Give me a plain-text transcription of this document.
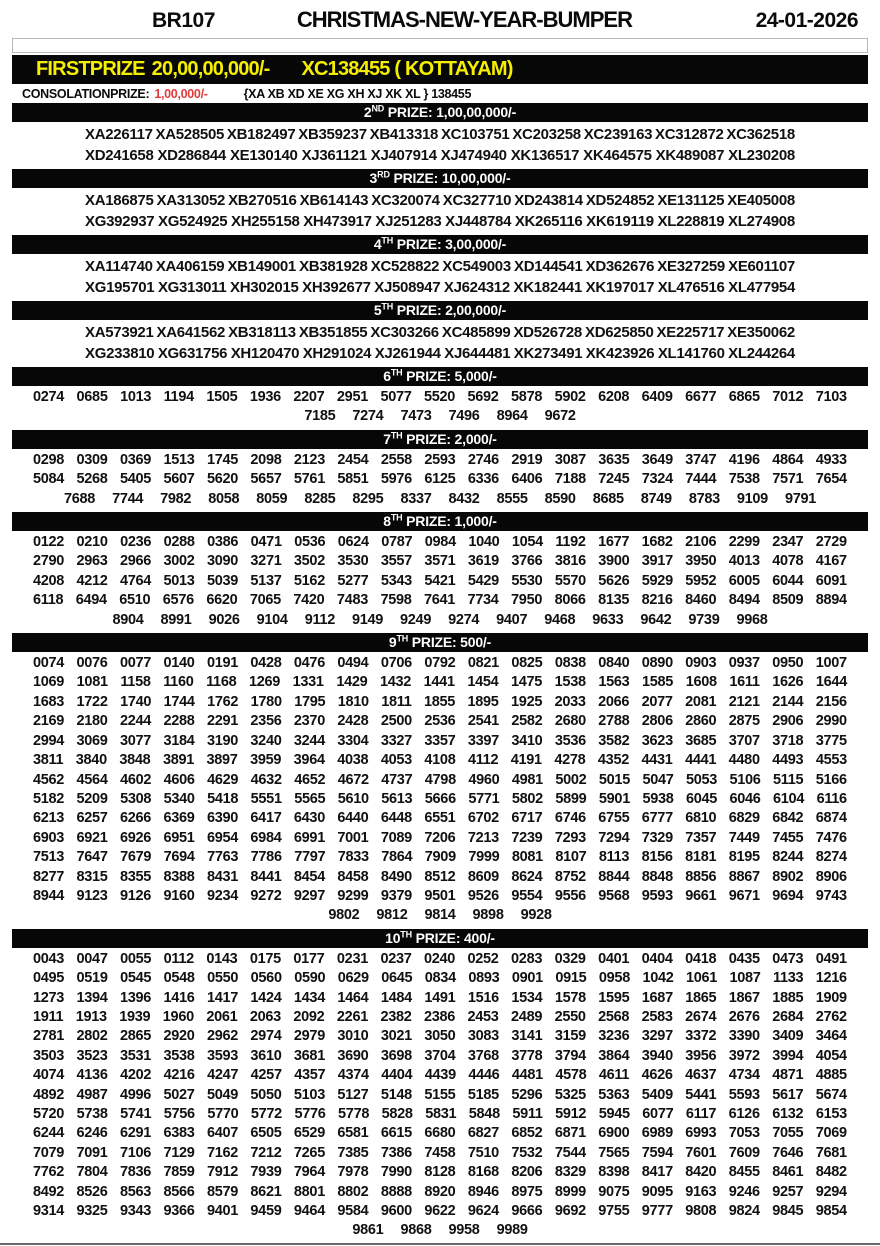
BR107	CHRISTMAS-NEW-YEAR-BUMPER	24-01-2026
FIRSTPRIZE 20,00,00,000/- XC138455 ( KOTTAYAM)
CONSOLATIONPRIZE: 1,00,000/-	{XA XB XD XE XG XH XJ XK XL } 138455
2ND PRIZE: 1,00,00,000/-
XA226117 XA528505 XB182497 XB359237 XB413318 XC103751 XC203258 XC239163 XC312872 XC362518
XD241658 XD286844 XE130140 XJ361121 XJ407914 XJ474940 XK136517 XK464575 XK489087 XL230208
3RD PRIZE: 10,00,000/-
XA186875 XA313052 XB270516 XB614143 XC320074 XC327710 XD243814 XD524852 XE131125 XE405008
XG392937 XG524925 XH255158 XH473917 XJ251283 XJ448784 XK265116 XK619119 XL228819 XL274908
4TH PRIZE: 3,00,000/-
XA114740 XA406159 XB149001 XB381928 XC528822 XC549003 XD144541 XD362676 XE327259 XE601107
XG195701 XG313011 XH302015 XH392677 XJ508947 XJ624312 XK182441 XK197017 XL476516 XL477954
5TH PRIZE: 2,00,000/-
XA573921 XA641562 XB318113 XB351855 XC303266 XC485899 XD526728 XD625850 XE225717 XE350062
XG233810 XG631756 XH120470 XH291024 XJ261944 XJ644481 XK273491 XK423926 XL141760 XL244264
6TH PRIZE: 5,000/-
0274 0685 1013 1194 1505 1936 2207 2951 5077 5520 5692 5878 5902 6208 6409 6677 6865 7012 7103
7185 7274 7473 7496 8964 9672
7TH PRIZE: 2,000/-
0298 0309 0369 1513 1745 2098 2123 2454 2558 2593 2746 2919 3087 3635 3649 3747 4196 4864 4933
5084 5268 5405 5607 5620 5657 5761 5851 5976 6125 6336 6406 7188 7245 7324 7444 7538 7571 7654
7688 7744 7982 8058 8059 8285 8295 8337 8432 8555 8590 8685 8749 8783 9109 9791
8TH PRIZE: 1,000/-
0122 0210 0236 0288 0386 0471 0536 0624 0787 0984 1040 1054 1192 1677 1682 2106 2299 2347 2729
2790 2963 2966 3002 3090 3271 3502 3530 3557 3571 3619 3766 3816 3900 3917 3950 4013 4078 4167
4208 4212 4764 5013 5039 5137 5162 5277 5343 5421 5429 5530 5570 5626 5929 5952 6005 6044 6091
6118 6494 6510 6576 6620 7065 7420 7483 7598 7641 7734 7950 8066 8135 8216 8460 8494 8509 8894
8904 8991 9026 9104 9112 9149 9249 9274 9407 9468 9633 9642 9739 9968
9TH PRIZE: 500/-
0074 0076 0077 0140 0191 0428 0476 0494 0706 0792 0821 0825 0838 0840 0890 0903 0937 0950 1007
1069 1081 1158 1160 1168 1269 1331 1429 1432 1441 1454 1475 1538 1563 1585 1608 1611 1626 1644
1683 1722 1740 1744 1762 1780 1795 1810 1811 1855 1895 1925 2033 2066 2077 2081 2121 2144 2156
2169 2180 2244 2288 2291 2356 2370 2428 2500 2536 2541 2582 2680 2788 2806 2860 2875 2906 2990
2994 3069 3077 3184 3190 3240 3244 3304 3327 3357 3397 3410 3536 3582 3623 3685 3707 3718 3775
3811 3840 3848 3891 3897 3959 3964 4038 4053 4108 4112 4191 4278 4352 4431 4441 4480 4493 4553
4562 4564 4602 4606 4629 4632 4652 4672 4737 4798 4960 4981 5002 5015 5047 5053 5106 5115 5166
5182 5209 5308 5340 5418 5551 5565 5610 5613 5666 5771 5802 5899 5901 5938 6045 6046 6104 6116
6213 6257 6266 6369 6390 6417 6430 6440 6448 6551 6702 6717 6746 6755 6777 6810 6829 6842 6874
6903 6921 6926 6951 6954 6984 6991 7001 7089 7206 7213 7239 7293 7294 7329 7357 7449 7455 7476
7513 7647 7679 7694 7763 7786 7797 7833 7864 7909 7999 8081 8107 8113 8156 8181 8195 8244 8274
8277 8315 8355 8388 8431 8441 8454 8458 8490 8512 8609 8624 8752 8844 8848 8856 8867 8902 8906
8944 9123 9126 9160 9234 9272 9297 9299 9379 9501 9526 9554 9556 9568 9593 9661 9671 9694 9743
9802 9812 9814 9898 9928
10TH PRIZE: 400/-
0043 0047 0055 0112 0143 0175 0177 0231 0237 0240 0252 0283 0329 0401 0404 0418 0435 0473 0491
0495 0519 0545 0548 0550 0560 0590 0629 0645 0834 0893 0901 0915 0958 1042 1061 1087 1133 1216
1273 1394 1396 1416 1417 1424 1434 1464 1484 1491 1516 1534 1578 1595 1687 1865 1867 1885 1909
1911 1913 1939 1960 2061 2063 2092 2261 2382 2386 2453 2489 2550 2568 2583 2674 2676 2684 2762
2781 2802 2865 2920 2962 2974 2979 3010 3021 3050 3083 3141 3159 3236 3297 3372 3390 3409 3464
3503 3523 3531 3538 3593 3610 3681 3690 3698 3704 3768 3778 3794 3864 3940 3956 3972 3994 4054
4074 4136 4202 4216 4247 4257 4357 4374 4404 4439 4446 4481 4578 4611 4626 4637 4734 4871 4885
4892 4987 4996 5027 5049 5050 5103 5127 5148 5155 5185 5296 5325 5363 5409 5441 5593 5617 5674
5720 5738 5741 5756 5770 5772 5776 5778 5828 5831 5848 5911 5912 5945 6077 6117 6126 6132 6153
6244 6246 6291 6383 6407 6505 6529 6581 6615 6680 6827 6852 6871 6900 6989 6993 7053 7055 7069
7079 7091 7106 7129 7162 7212 7265 7385 7386 7458 7510 7532 7544 7565 7594 7601 7609 7646 7681
7762 7804 7836 7859 7912 7939 7964 7978 7990 8128 8168 8206 8329 8398 8417 8420 8455 8461 8482
8492 8526 8563 8566 8579 8621 8801 8802 8888 8920 8946 8975 8999 9075 9095 9163 9246 9257 9294
9314 9325 9343 9366 9401 9459 9464 9584 9600 9622 9624 9666 9692 9755 9777 9808 9824 9845 9854
9861 9868 9958 9989
